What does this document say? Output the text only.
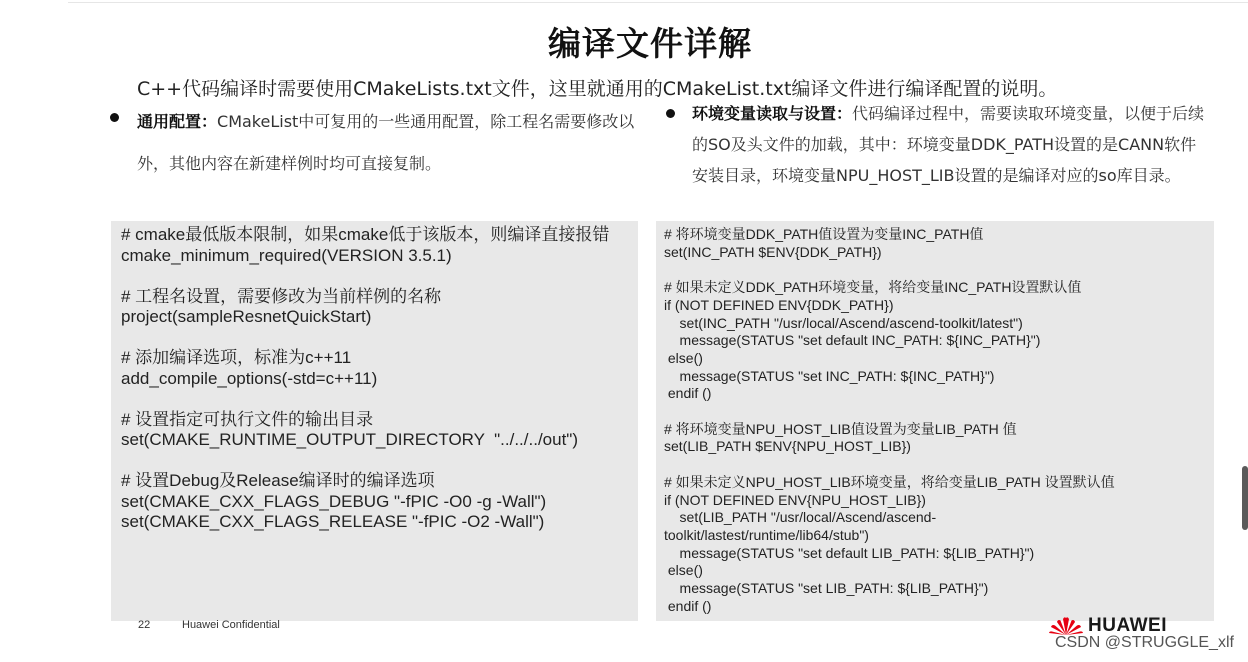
编译文件详解
C++代码编译时需要使用CMakeLists.txt文件，这里就通用的CMakeList.txt编译文件进行编译配置的说明。
通用配置：CMakeList中可复用的一些通用配置，除工程名需要修改以外，其他内容在新建样例时均可直接复制。
环境变量读取与设置：代码编译过程中，需要读取环境变量，以便于后续的SO及头文件的加载，其中：环境变量DDK_PATH设置的是CANN软件安装目录，环境变量NPU_HOST_LIB设置的是编译对应的so库目录。
# cmake最低版本限制，如果cmake低于该版本，则编译直接报错
cmake_minimum_required(VERSION 3.5.1)

# 工程名设置，需要修改为当前样例的名称
project(sampleResnetQuickStart)

# 添加编译选项，标准为c++11
add_compile_options(-std=c++11)

# 设置指定可执行文件的输出目录
set(CMAKE_RUNTIME_OUTPUT_DIRECTORY  "../../../out")

# 设置Debug及Release编译时的编译选项
set(CMAKE_CXX_FLAGS_DEBUG "-fPIC -O0 -g -Wall")
set(CMAKE_CXX_FLAGS_RELEASE "-fPIC -O2 -Wall")
# 将环境变量DDK_PATH值设置为变量INC_PATH值
set(INC_PATH $ENV{DDK_PATH})

# 如果未定义DDK_PATH环境变量，将给变量INC_PATH设置默认值
if (NOT DEFINED ENV{DDK_PATH})
set(INC_PATH "/usr/local/Ascend/ascend-toolkit/latest")
message(STATUS "set default INC_PATH: ${INC_PATH}")
else()
message(STATUS "set INC_PATH: ${INC_PATH}")
endif ()

# 将环境变量NPU_HOST_LIB值设置为变量LIB_PATH 值
set(LIB_PATH $ENV{NPU_HOST_LIB})

# 如果未定义NPU_HOST_LIB环境变量，将给变量LIB_PATH 设置默认值
if (NOT DEFINED ENV{NPU_HOST_LIB})
set(LIB_PATH "/usr/local/Ascend/ascend-
toolkit/lastest/runtime/lib64/stub")
message(STATUS "set default LIB_PATH: ${LIB_PATH}")
else()
message(STATUS "set LIB_PATH: ${LIB_PATH}")
endif ()
22	Huawei Confidential	HUAWEI
CSDN @STRUGGLE_xlf
